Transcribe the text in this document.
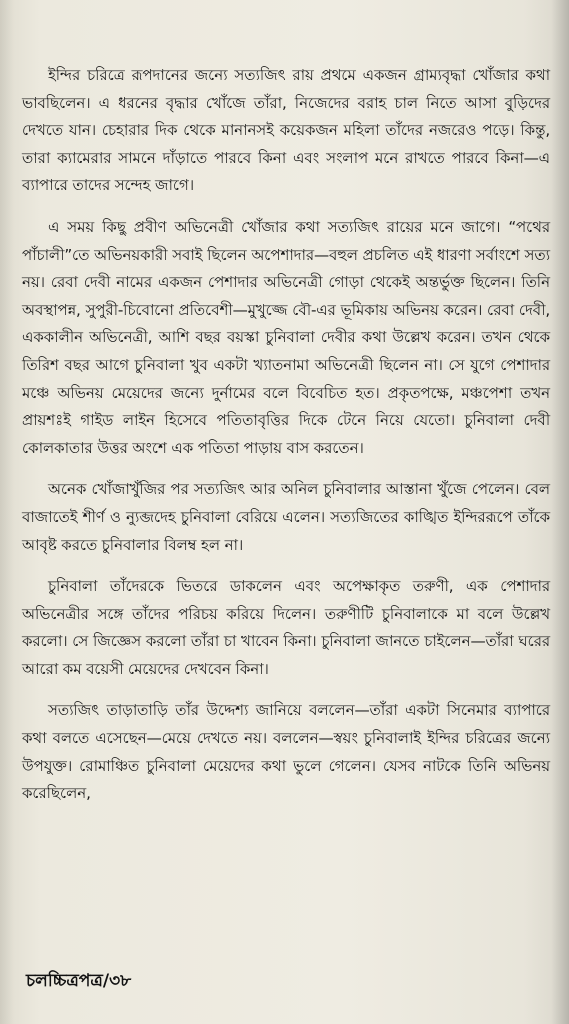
ইন্দির চরিত্রে রূপদানের জন্যে সত্যজিৎ রায় প্রথমে একজন গ্রাম্যবৃদ্ধা খোঁজার কথা ভাবছিলেন। এ ধরনের বৃদ্ধার খোঁজে তাঁরা, নিজেদের বরাহ চাল নিতে আসা বুড়িদের দেখতে যান। চেহারার দিক থেকে মানানসই কয়েকজন মহিলা তাঁদের নজরেও পড়ে। কিন্তু, তারা ক্যামেরার সামনে দাঁড়াতে পারবে কিনা এবং সংলাপ মনে রাখতে পারবে কিনা—এ ব্যাপারে তাদের সন্দেহ জাগে।

এ সময় কিছু প্রবীণ অভিনেত্রী খোঁজার কথা সত্যজিৎ রায়ের মনে জাগে। “পথের পাঁচালী”তে অভিনয়কারী সবাই ছিলেন অপেশাদার—বহুল প্রচলিত এই ধারণা সর্বাংশে সত্য নয়। রেবা দেবী নামের একজন পেশাদার অভিনেত্রী গোড়া থেকেই অন্তর্ভুক্ত ছিলেন। তিনি অবস্থাপন্ন, সুপুরী-চিবোনো প্রতিবেশী—মুখুজ্জে বৌ-এর ভূমিকায় অভিনয় করেন। রেবা দেবী, এককালীন অভিনেত্রী, আশি বছর বয়স্কা চুনিবালা দেবীর কথা উল্লেখ করেন। তখন থেকে তিরিশ বছর আগে চুনিবালা খুব একটা খ্যাতনামা অভিনেত্রী ছিলেন না। সে যুগে পেশাদার মঞ্চে অভিনয় মেয়েদের জন্যে দুর্নামের বলে বিবেচিত হত। প্রকৃতপক্ষে, মঞ্চপেশা তখন প্রায়শঃই গাইড লাইন হিসেবে পতিতাবৃত্তির দিকে টেনে নিয়ে যেতো। চুনিবালা দেবী কোলকাতার উত্তর অংশে এক পতিতা পাড়ায় বাস করতেন।

অনেক খোঁজাখুঁজির পর সত্যজিৎ আর অনিল চুনিবালার আস্তানা খুঁজে পেলেন। বেল বাজাতেই শীর্ণ ও ন্যুব্জদেহ চুনিবালা বেরিয়ে এলেন। সত্যজিতের কাঙ্খিত ইন্দিররূপে তাঁকে আবৃষ্ট করতে চুনিবালার বিলম্ব হল না।

চুনিবালা তাঁদেরকে ভিতরে ডাকলেন এবং অপেক্ষাকৃত তরুণী, এক পেশাদার অভিনেত্রীর সঙ্গে তাঁদের পরিচয় করিয়ে দিলেন। তরুণীটি চুনিবালাকে মা বলে উল্লেখ করলো। সে জিজ্ঞেস করলো তাঁরা চা খাবেন কিনা। চুনিবালা জানতে চাইলেন—তাঁরা ঘরের আরো কম বয়েসী মেয়েদের দেখবেন কিনা।

সত্যজিৎ তাড়াতাড়ি তাঁর উদ্দেশ্য জানিয়ে বললেন—তাঁরা একটা সিনেমার ব্যাপারে কথা বলতে এসেছেন—মেয়ে দেখতে নয়। বললেন—স্বয়ং চুনিবালাই ইন্দির চরিত্রের জন্যে উপযুক্ত। রোমাঞ্চিত চুনিবালা মেয়েদের কথা ভুলে গেলেন। যেসব নাটকে তিনি অভিনয় করেছিলেন,

চলচ্চিত্রপত্র/৩৮
